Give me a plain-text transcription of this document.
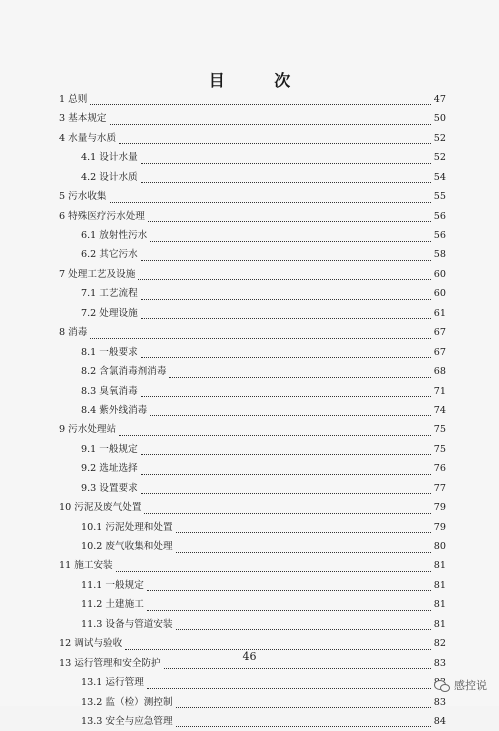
目 次
1 总则	47
3 基本规定	50
4 水量与水质	52
4.1 设计水量	52
4.2 设计水质	54
5 污水收集	55
6 特殊医疗污水处理	56
6.1 放射性污水	56
6.2 其它污水	58
7 处理工艺及设施	60
7.1 工艺流程	60
7.2 处理设施	61
8 消毒	67
8.1 一般要求	67
8.2 含氯消毒剂消毒	68
8.3 臭氧消毒	71
8.4 紫外线消毒	74
9 污水处理站	75
9.1 一般规定	75
9.2 选址选择	76
9.3 设置要求	77
10 污泥及废气处置	79
10.1 污泥处理和处置	79
10.2 废气收集和处理	80
11 施工安装	81
11.1 一般规定	81
11.2 土建施工	81
11.3 设备与管道安装	81
12 调试与验收	82
13 运行管理和安全防护	83
13.1 运行管理
13.2 监（检）测控制	83
13.3 安全与应急管理	84
46
感控说
